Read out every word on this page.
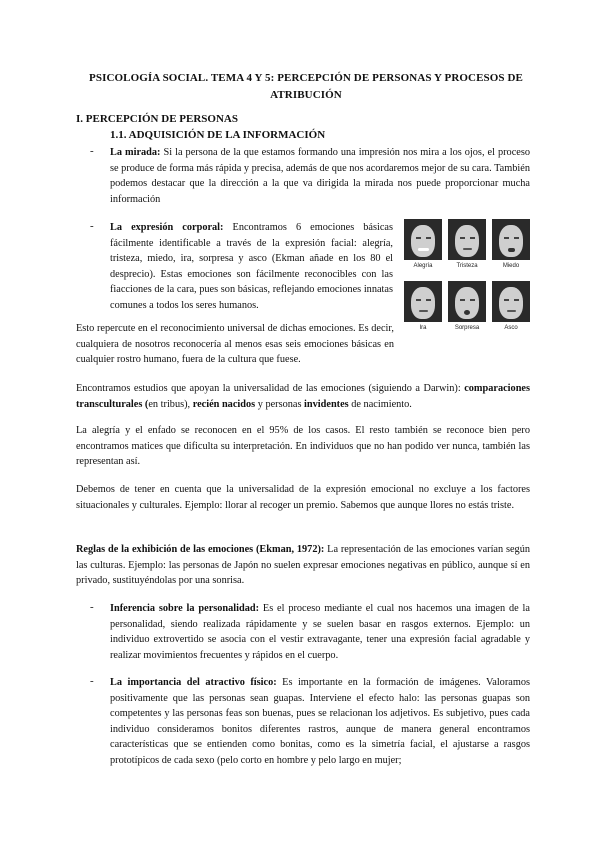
PSICOLOGÍA SOCIAL. TEMA 4 Y 5: PERCEPCIÓN DE PERSONAS Y PROCESOS DE ATRIBUCIÓN
I. PERCEPCIÓN DE PERSONAS
1.1. ADQUISICIÓN DE LA INFORMACIÓN
- La mirada: Si la persona de la que estamos formando una impresión nos mira a los ojos, el proceso se produce de forma más rápida y precisa, además de que nos acordaremos mejor de su cara. También podemos destacar que la dirección a la que va dirigida la mirada nos puede proporcionar mucha información
- La expresión corporal: Encontramos 6 emociones básicas fácilmente identificable a través de la expresión facial: alegría, tristeza, miedo, ira, sorpresa y asco (Ekman añade en los 80 el desprecio). Estas emociones son fácilmente reconocibles con las fiacciones de la cara, pues son básicas, reflejando emociones innatas comunes a todos los seres humanos.
Alegría	Tristeza	Miedo
Ira	Sorpresa	Asco
Esto repercute en el reconocimiento universal de dichas emociones. Es decir, cualquiera de nosotros reconocería al menos esas seis emociones básicas en cualquier rostro humano, fuera de la cultura que fuese.
Encontramos estudios que apoyan la universalidad de las emociones (siguiendo a Darwin): comparaciones transculturales (en tribus), recién nacidos y personas invidentes de nacimiento.
La alegría y el enfado se reconocen en el 95% de los casos. El resto también se reconoce bien pero encontramos matices que dificulta su interpretación. En individuos que no han podido ver nunca, también las representan así.
Debemos de tener en cuenta que la universalidad de la expresión emocional no excluye a los factores situacionales y culturales. Ejemplo: llorar al recoger un premio. Sabemos que aunque llores no estás triste.
Reglas de la exhibición de las emociones (Ekman, 1972): La representación de las emociones varían según las culturas. Ejemplo: las personas de Japón no suelen expresar emociones negativas en público, aunque sí en privado, sustituyéndolas por una sonrisa.
- Inferencia sobre la personalidad: Es el proceso mediante el cual nos hacemos una imagen de la personalidad, siendo realizada rápidamente y se suelen basar en rasgos externos. Ejemplo: un individuo extrovertido se asocia con el vestir extravagante, tener una expresión facial agradable y realizar movimientos frecuentes y rápidos en el cuerpo.
- La importancia del atractivo físico: Es importante en la formación de imágenes. Valoramos positivamente que las personas sean guapas. Interviene el efecto halo: las personas guapas son competentes y las personas feas son buenas, pues se relacionan los adjetivos. Es subjetivo, pues cada individuo consideramos bonitos diferentes rastros, aunque de manera general encontramos características que se entienden como bonitas, como es la simetría facial, el ajustarse a rasgos prototípicos de cada sexo (pelo corto en hombre y pelo largo en mujer;
